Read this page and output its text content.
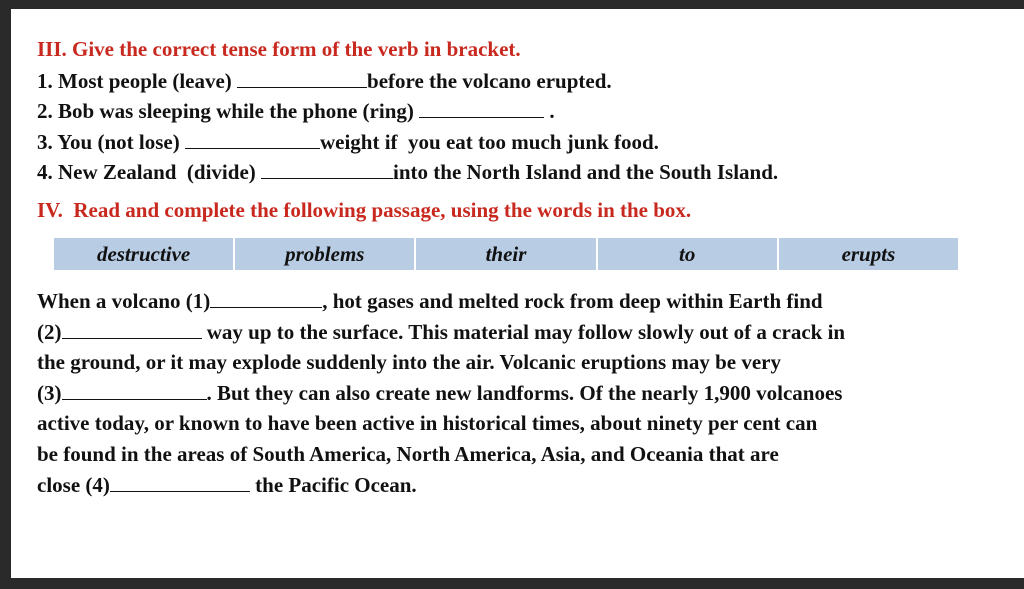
III. Give the correct tense form of the verb in bracket.
1. Most people (leave)	before the volcano erupted.
2. Bob was sleeping while the phone (ring)	.
3. You (not lose)	weight if  you eat too much junk food.
4. New Zealand  (divide)	into the North Island and the South Island.
IV.  Read and complete the following passage, using the words in the box.
destructive	problems	their	to	erupts
When a volcano (1)	, hot gases and melted rock from deep within Earth find
(2)	way up to the surface. This material may follow slowly out of a crack in
the ground, or it may explode suddenly into the air. Volcanic eruptions may be very
(3)	. But they can also create new landforms. Of the nearly 1,900 volcanoes
active today, or known to have been active in historical times, about ninety per cent can
be found in the areas of South America, North America, Asia, and Oceania that are
close (4)	the Pacific Ocean.
